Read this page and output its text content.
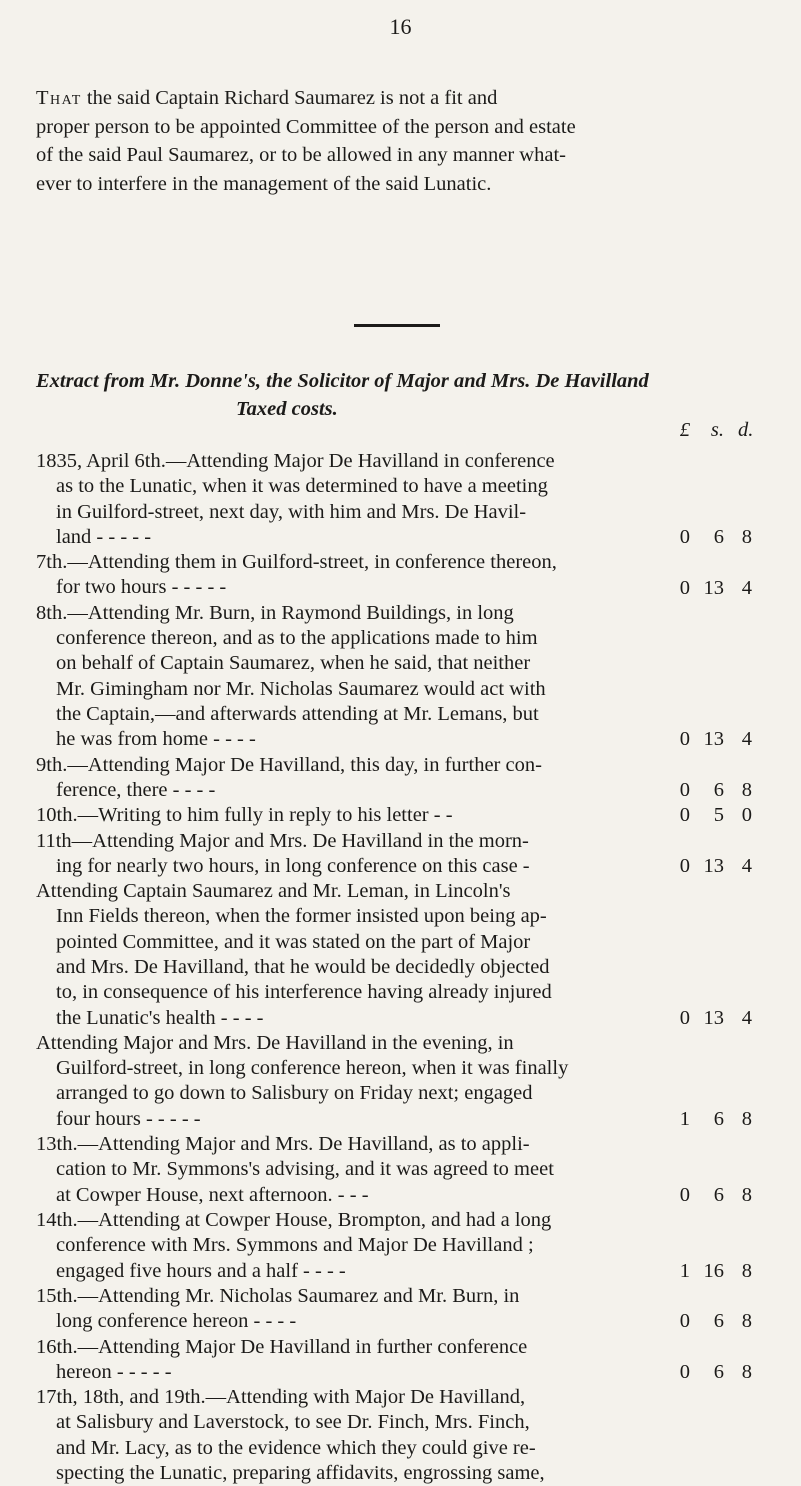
16
That the said Captain Richard Saumarez is not a fit and
proper person to be appointed Committee of the person and estate
of the said Paul Saumarez, or to be allowed in any manner what-
ever to interfere in the management of the said Lunatic.
Extract from Mr. Donne's, the Solicitor of Major and Mrs. De Havilland
Taxed costs.
£	s. d.
1835, April 6th.—Attending Major De Havilland in conference
as to the Lunatic, when it was determined to have a meeting
in Guilford-street, next day, with him and Mrs. De Havil-
land - - - - -	0	6 8
7th.—Attending them in Guilford-street, in conference thereon,
for two hours - - - - -	0 13 4
8th.—Attending Mr. Burn, in Raymond Buildings, in long
conference thereon, and as to the applications made to him
on behalf of Captain Saumarez, when he said, that neither
Mr. Gimingham nor Mr. Nicholas Saumarez would act with
the Captain,—and afterwards attending at Mr. Lemans, but
he was from home - - - -	0 13 4
9th.—Attending Major De Havilland, this day, in further con-
ference, there - - - -	0	6 8
10th.—Writing to him fully in reply to his letter - -	0	5 0
11th—Attending Major and Mrs. De Havilland in the morn-
ing for nearly two hours, in long conference on this case -	0 13 4
Attending Captain Saumarez and Mr. Leman, in Lincoln's
Inn Fields thereon, when the former insisted upon being ap-
pointed Committee, and it was stated on the part of Major
and Mrs. De Havilland, that he would be decidedly objected
to, in consequence of his interference having already injured
the Lunatic's health - - - -	0 13 4
Attending Major and Mrs. De Havilland in the evening, in
Guilford-street, in long conference hereon, when it was finally
arranged to go down to Salisbury on Friday next; engaged
four hours - - - - -	1	6 8
13th.—Attending Major and Mrs. De Havilland, as to appli-
cation to Mr. Symmons's advising, and it was agreed to meet
at Cowper House, next afternoon. - - -	0	6 8
14th.—Attending at Cowper House, Brompton, and had a long
conference with Mrs. Symmons and Major De Havilland ;
engaged five hours and a half - - - -	1 16 8
15th.—Attending Mr. Nicholas Saumarez and Mr. Burn, in
long conference hereon - - - -	0	6 8
16th.—Attending Major De Havilland in further conference
hereon - - - - -	0	6 8
17th, 18th, and 19th.—Attending with Major De Havilland,
at Salisbury and Laverstock, to see Dr. Finch, Mrs. Finch,
and Mr. Lacy, as to the evidence which they could give re-
specting the Lunatic, preparing affidavits, engrossing same,
